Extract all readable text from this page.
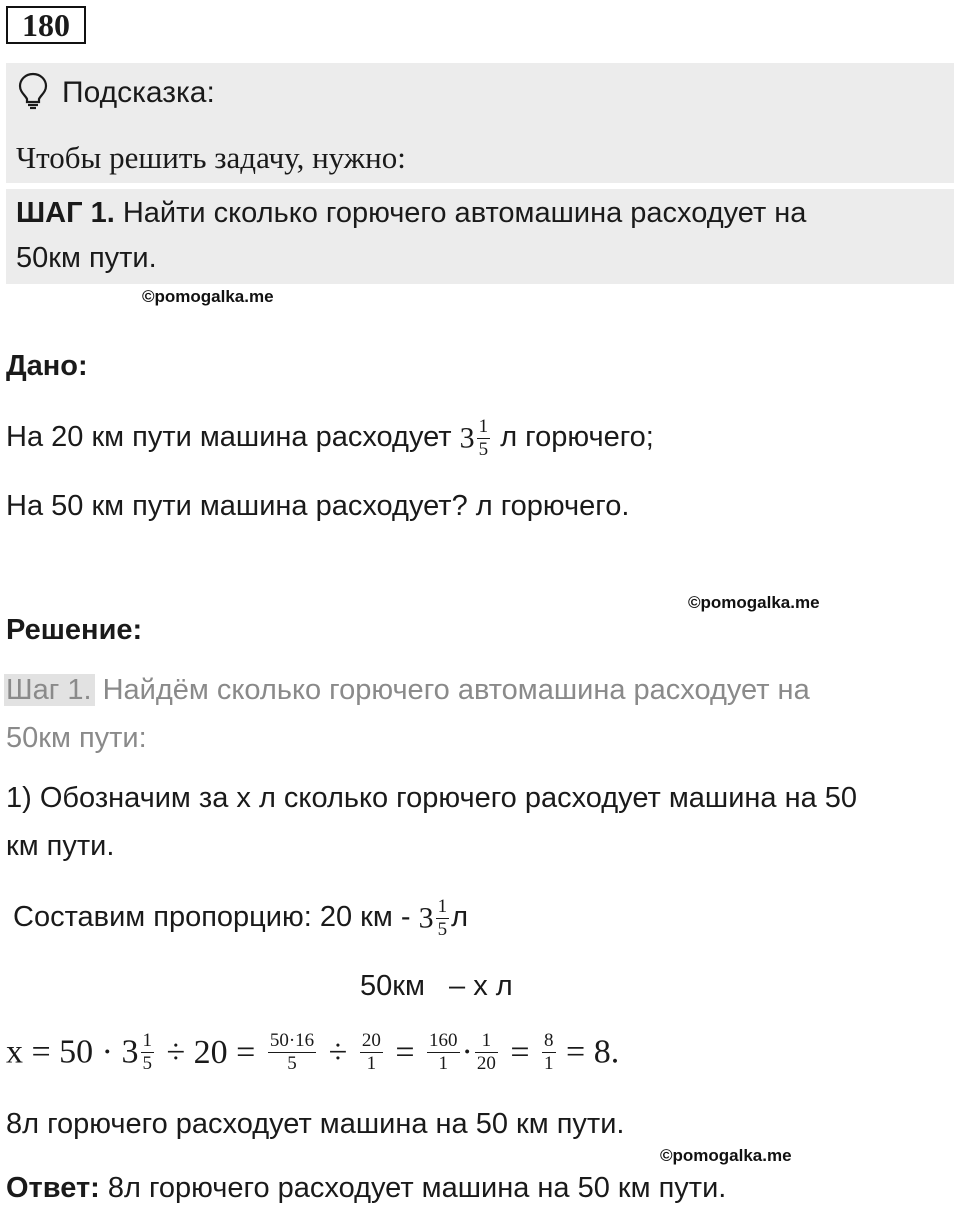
180
Подсказка:
Чтобы решить задачу, нужно:
ШАГ 1. Найти сколько горючего автомашина расходует на
50км пути.
©pomogalka.me
Дано:
На 20 км пути машина расходует $3 \frac{1}{5}$ л горючего;
На 50 км пути машина расходует? л горючего.
©pomogalka.me
Решение:
Шаг 1. Найдём сколько горючего автомашина расходует на
50км пути:
1) Обозначим за х л сколько горючего расходует машина на 50
км пути.
Составим пропорцию: 20 км - $3 \frac{1}{5}$ л
50км   – х л
$x = 50 \cdot 3 \frac{1}{5} \div 20 = \frac{50\cdot 16}{5} \div \frac{20}{1} = \frac{160}{1} \cdot \frac{1}{20} = \frac{8}{1} = 8$.
8л горючего расходует машина на 50 км пути.
©pomogalka.me
Ответ: 8л горючего расходует машина на 50 км пути.
